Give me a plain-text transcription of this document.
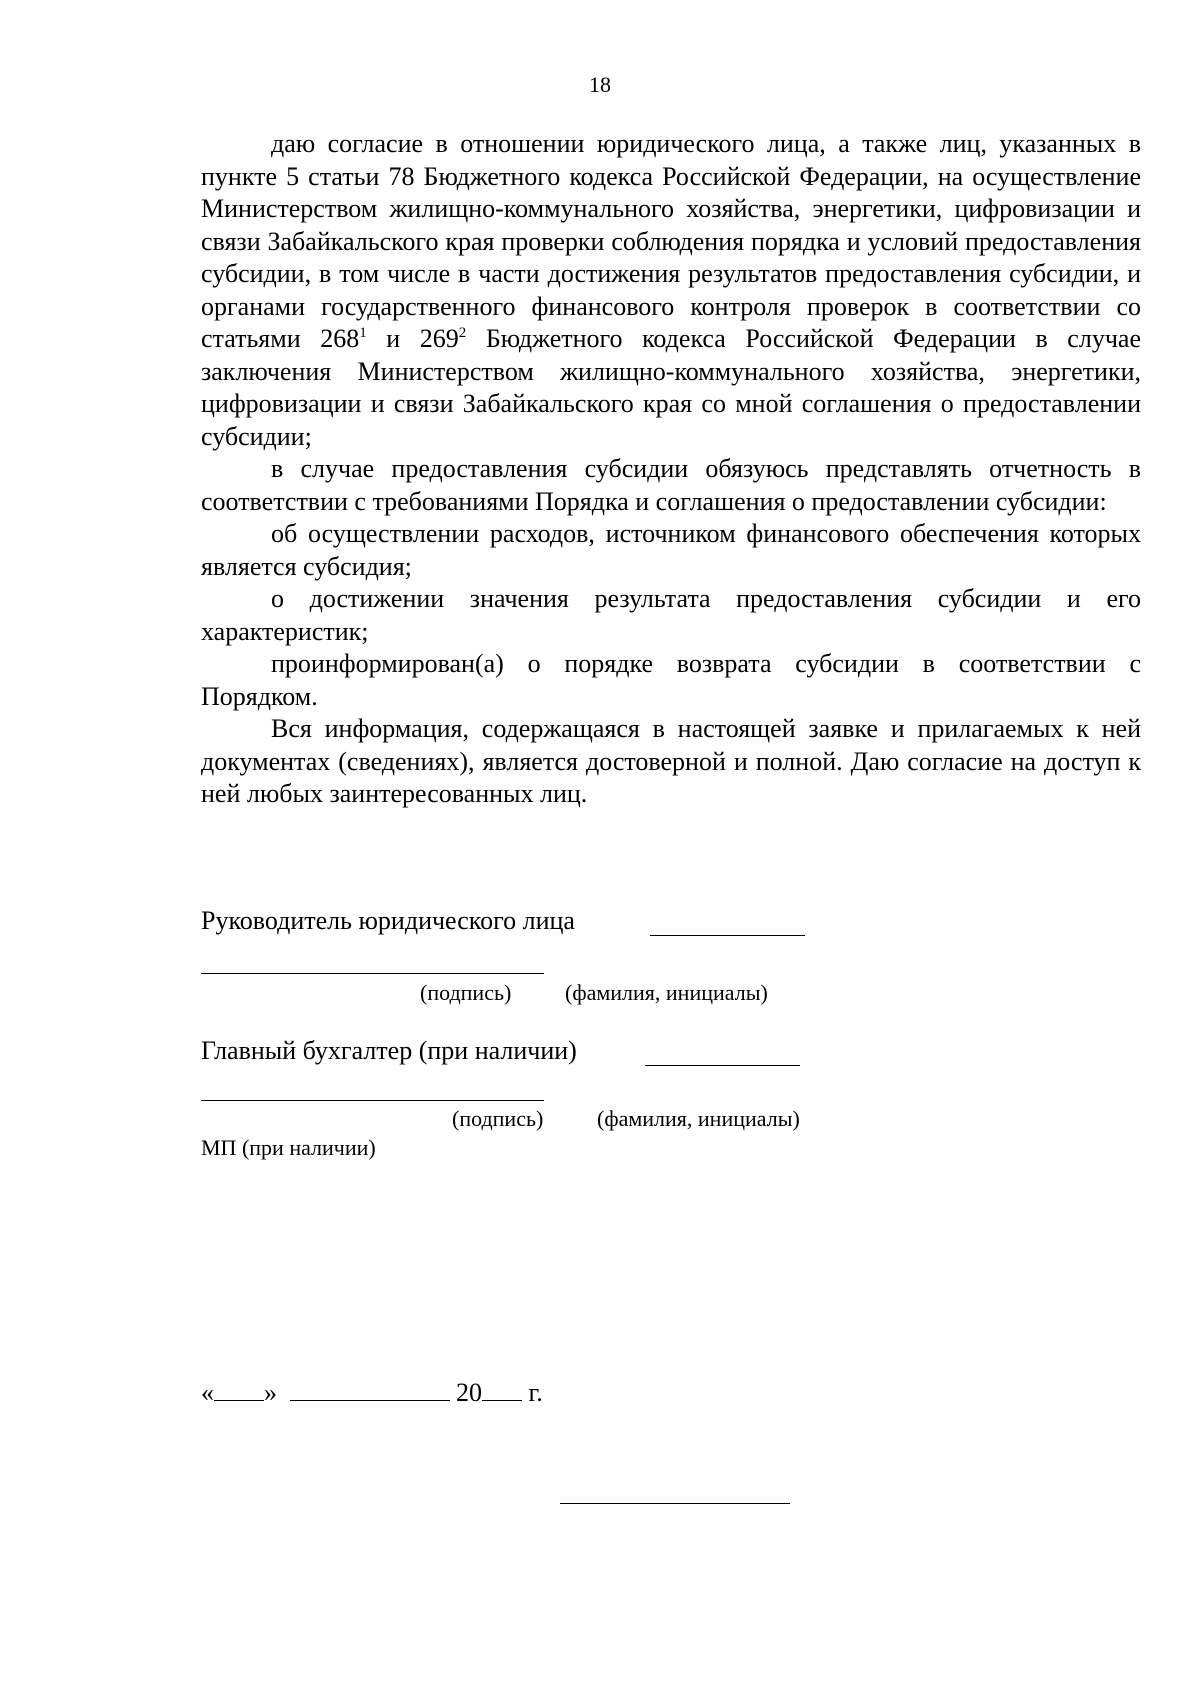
18

даю согласие в отношении юридического лица, а также лиц, указанных в пункте 5 статьи 78 Бюджетного кодекса Российской Федерации, на осуществление Министерством жилищно-коммунального хозяйства, энергетики, цифровизации и связи Забайкальского края проверки соблюдения порядка и условий предоставления субсидии, в том числе в части достижения результатов предоставления субсидии, и органами государственного финансового контроля проверок в соответствии со статьями $268^1$ и $269^2$ Бюджетного кодекса Российской Федерации в случае заключения Министерством жилищно-коммунального хозяйства, энергетики, цифровизации и связи Забайкальского края со мной соглашения о предоставлении субсидии;

в случае предоставления субсидии обязуюсь представлять отчетность в соответствии с требованиями Порядка и соглашения о предоставлении субсидии:

об осуществлении расходов, источником финансового обеспечения которых является субсидия;

о достижении значения результата предоставления субсидии и его характеристик;

проинформирован(а) о порядке возврата субсидии в соответствии с Порядком.

Вся информация, содержащаяся в настоящей заявке и прилагаемых к ней документах (сведениях), является достоверной и полной. Даю согласие на доступ к ней любых заинтересованных лиц.

Руководитель юридического лица
(подпись) (фамилия, инициалы)
Главный бухгалтер (при наличии)
(подпись) (фамилия, инициалы)
МП (при наличии)
« »	20 г.
